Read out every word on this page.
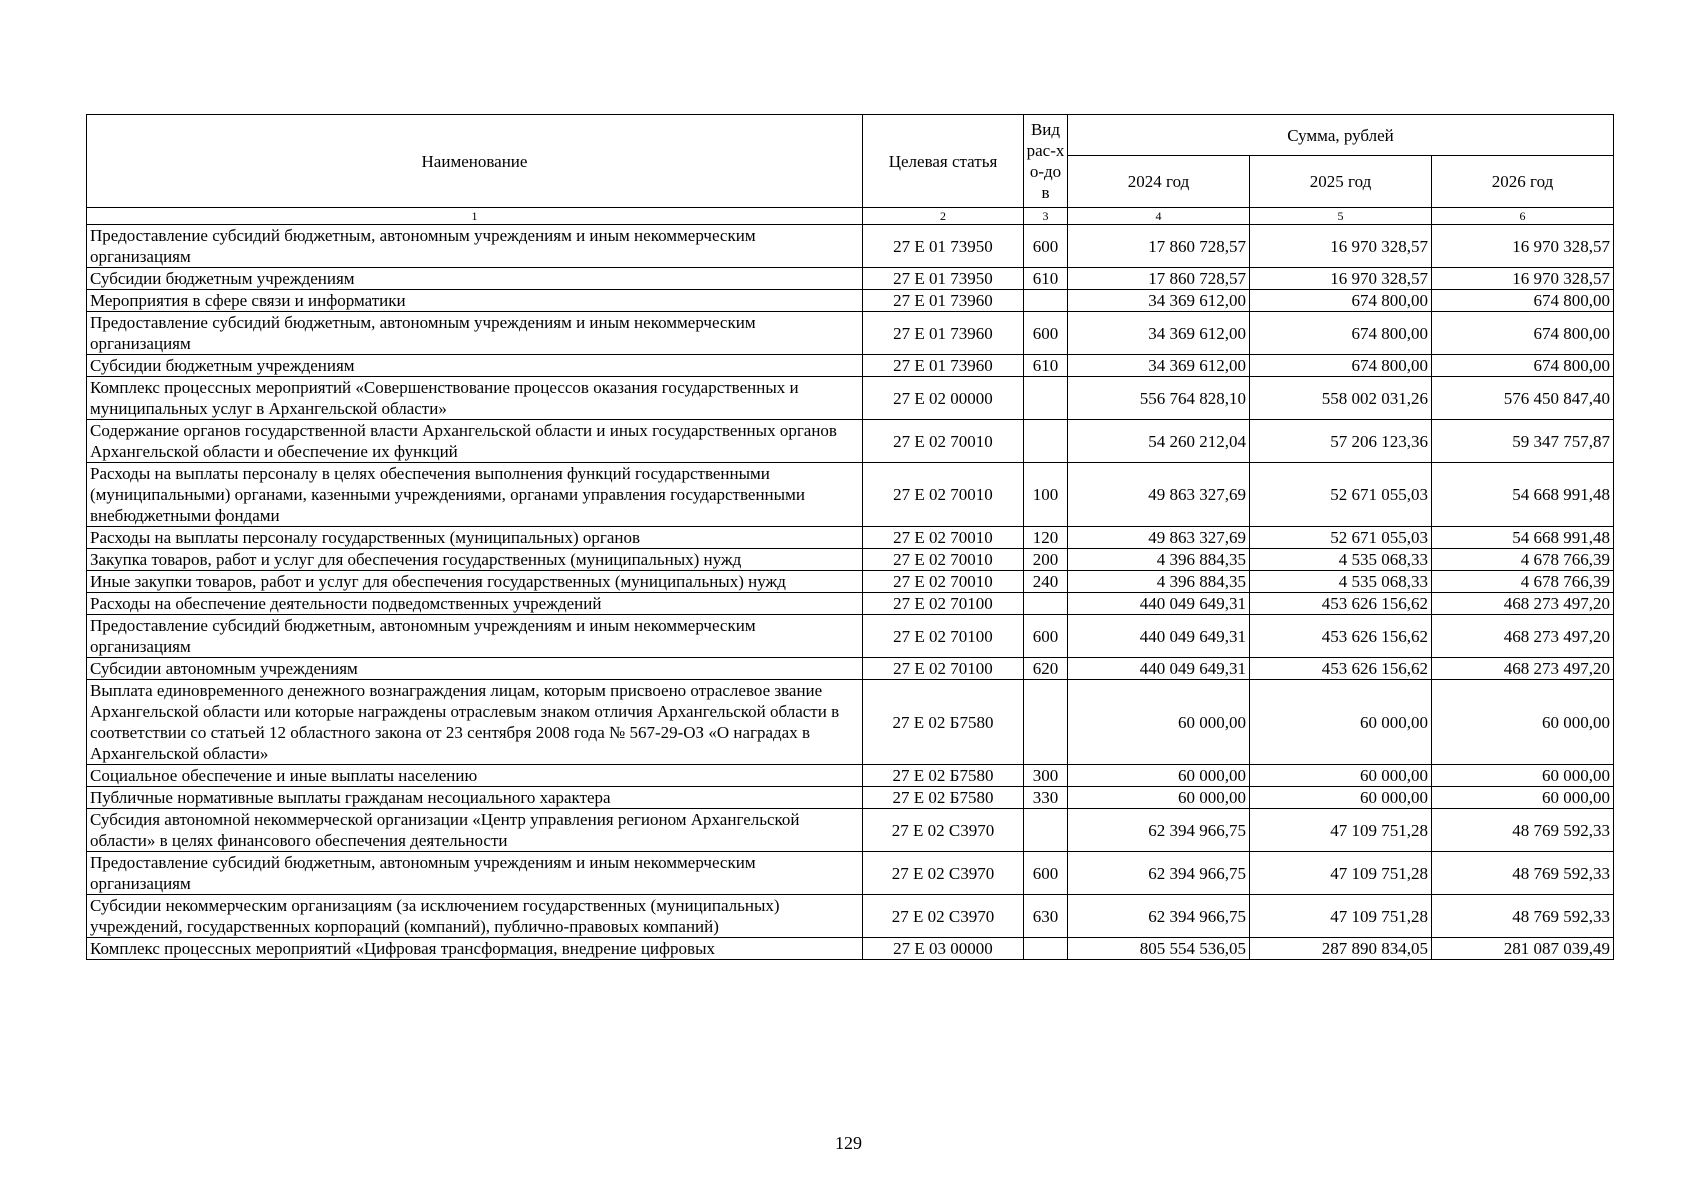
Наименование	Целевая статья	Вид рас-хо-дов	Сумма, рублей		
			2024 год	2025 год	2026 год
1	2	3	4	5	6
Предоставление субсидий бюджетным, автономным учреждениям и иным некоммерческим организациям	27 Е 01 73950	600	17 860 728,57	16 970 328,57	16 970 328,57
Субсидии бюджетным учреждениям	27 Е 01 73950	610	17 860 728,57	16 970 328,57	16 970 328,57
Мероприятия в сфере связи и информатики	27 Е 01 73960		34 369 612,00	674 800,00	674 800,00
Предоставление субсидий бюджетным, автономным учреждениям и иным некоммерческим организациям	27 Е 01 73960	600	34 369 612,00	674 800,00	674 800,00
Субсидии бюджетным учреждениям	27 Е 01 73960	610	34 369 612,00	674 800,00	674 800,00
Комплекс процессных мероприятий «Совершенствование процессов оказания государственных и муниципальных услуг в Архангельской области»	27 Е 02 00000		556 764 828,10	558 002 031,26	576 450 847,40
Содержание органов государственной власти Архангельской области и иных государственных органов Архангельской области и обеспечение их функций	27 Е 02 70010		54 260 212,04	57 206 123,36	59 347 757,87
Расходы на выплаты персоналу в целях обеспечения выполнения функций государственными (муниципальными) органами, казенными учреждениями, органами управления государственными внебюджетными фондами	27 Е 02 70010	100	49 863 327,69	52 671 055,03	54 668 991,48
Расходы на выплаты персоналу государственных (муниципальных) органов	27 Е 02 70010	120	49 863 327,69	52 671 055,03	54 668 991,48
Закупка товаров, работ и услуг для обеспечения государственных (муниципальных) нужд	27 Е 02 70010	200	4 396 884,35	4 535 068,33	4 678 766,39
Иные закупки товаров, работ и услуг для обеспечения государственных (муниципальных) нужд	27 Е 02 70010	240	4 396 884,35	4 535 068,33	4 678 766,39
Расходы на обеспечение деятельности подведомственных учреждений	27 Е 02 70100		440 049 649,31	453 626 156,62	468 273 497,20
Предоставление субсидий бюджетным, автономным учреждениям и иным некоммерческим организациям	27 Е 02 70100	600	440 049 649,31	453 626 156,62	468 273 497,20
Субсидии автономным учреждениям	27 Е 02 70100	620	440 049 649,31	453 626 156,62	468 273 497,20
Выплата единовременного денежного вознаграждения лицам, которым присвоено отраслевое звание Архангельской области или которые награждены отраслевым знаком отличия Архангельской области в соответствии со статьей 12 областного закона от 23 сентября 2008 года № 567-29-ОЗ «О наградах в Архангельской области»	27 Е 02 Б7580		60 000,00	60 000,00	60 000,00
Социальное обеспечение и иные выплаты населению	27 Е 02 Б7580	300	60 000,00	60 000,00	60 000,00
Публичные нормативные выплаты гражданам несоциального характера	27 Е 02 Б7580	330	60 000,00	60 000,00	60 000,00
Субсидия автономной некоммерческой организации «Центр управления регионом Архангельской области» в целях финансового обеспечения деятельности	27 Е 02 С3970		62 394 966,75	47 109 751,28	48 769 592,33
Предоставление субсидий бюджетным, автономным учреждениям и иным некоммерческим организациям	27 Е 02 С3970	600	62 394 966,75	47 109 751,28	48 769 592,33
Субсидии некоммерческим организациям (за исключением государственных (муниципальных) учреждений, государственных корпораций (компаний), публично-правовых компаний)	27 Е 02 С3970	630	62 394 966,75	47 109 751,28	48 769 592,33
Комплекс процессных мероприятий «Цифровая трансформация, внедрение цифровых	27 Е 03 00000		805 554 536,05	287 890 834,05	281 087 039,49
129
